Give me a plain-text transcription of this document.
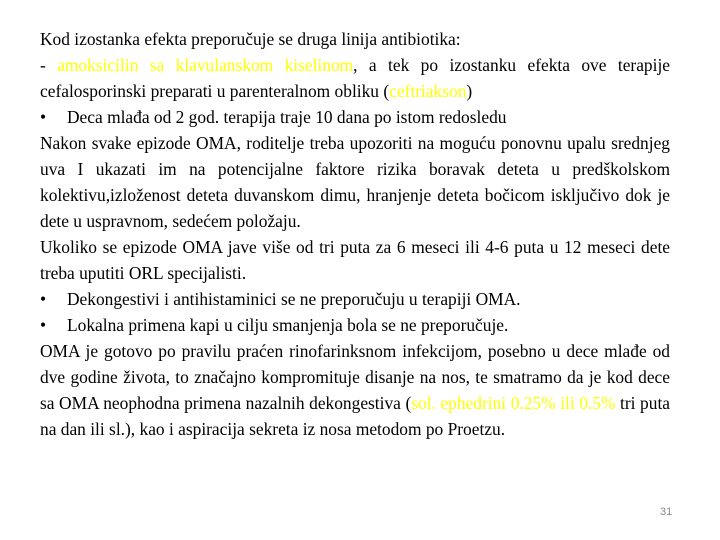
Kod izostanka efekta preporučuje se druga linija antibiotika:

- amoksicilin sa klavulanskom kiselinom, a tek po izostanku efekta ove terapije cefalosporinski preparati u parenteralnom obliku (ceftriakson)

•	Deca mlađa od 2 god. terapija traje 10 dana po istom redosledu

Nakon svake epizode OMA, roditelje treba upozoriti na moguću ponovnu upalu srednjeg uva I ukazati im na potencijalne faktore rizika boravak deteta u predškolskom kolektivu,izloženost deteta duvanskom dimu, hranjenje deteta bočicom isključivo dok je dete u uspravnom, sedećem položaju.

Ukoliko se epizode OMA jave više od tri puta za 6 meseci ili 4-6 puta u 12 meseci dete treba uputiti ORL specijalisti.

•	Dekongestivi i antihistaminici se ne preporučuju u terapiji OMA.
•	Lokalna primena kapi u cilju smanjenja bola se ne preporučuje.

OMA je gotovo po pravilu praćen rinofarinksnom infekcijom, posebno u dece mlađe od dve godine života, to značajno kompromituje disanje na nos, te smatramo da je kod dece sa OMA neophodna primena nazalnih dekongestiva (sol. ephedrini 0.25% ili 0.5% tri puta na dan ili sl.), kao i aspiracija sekreta iz nosa metodom po Proetzu.

31
